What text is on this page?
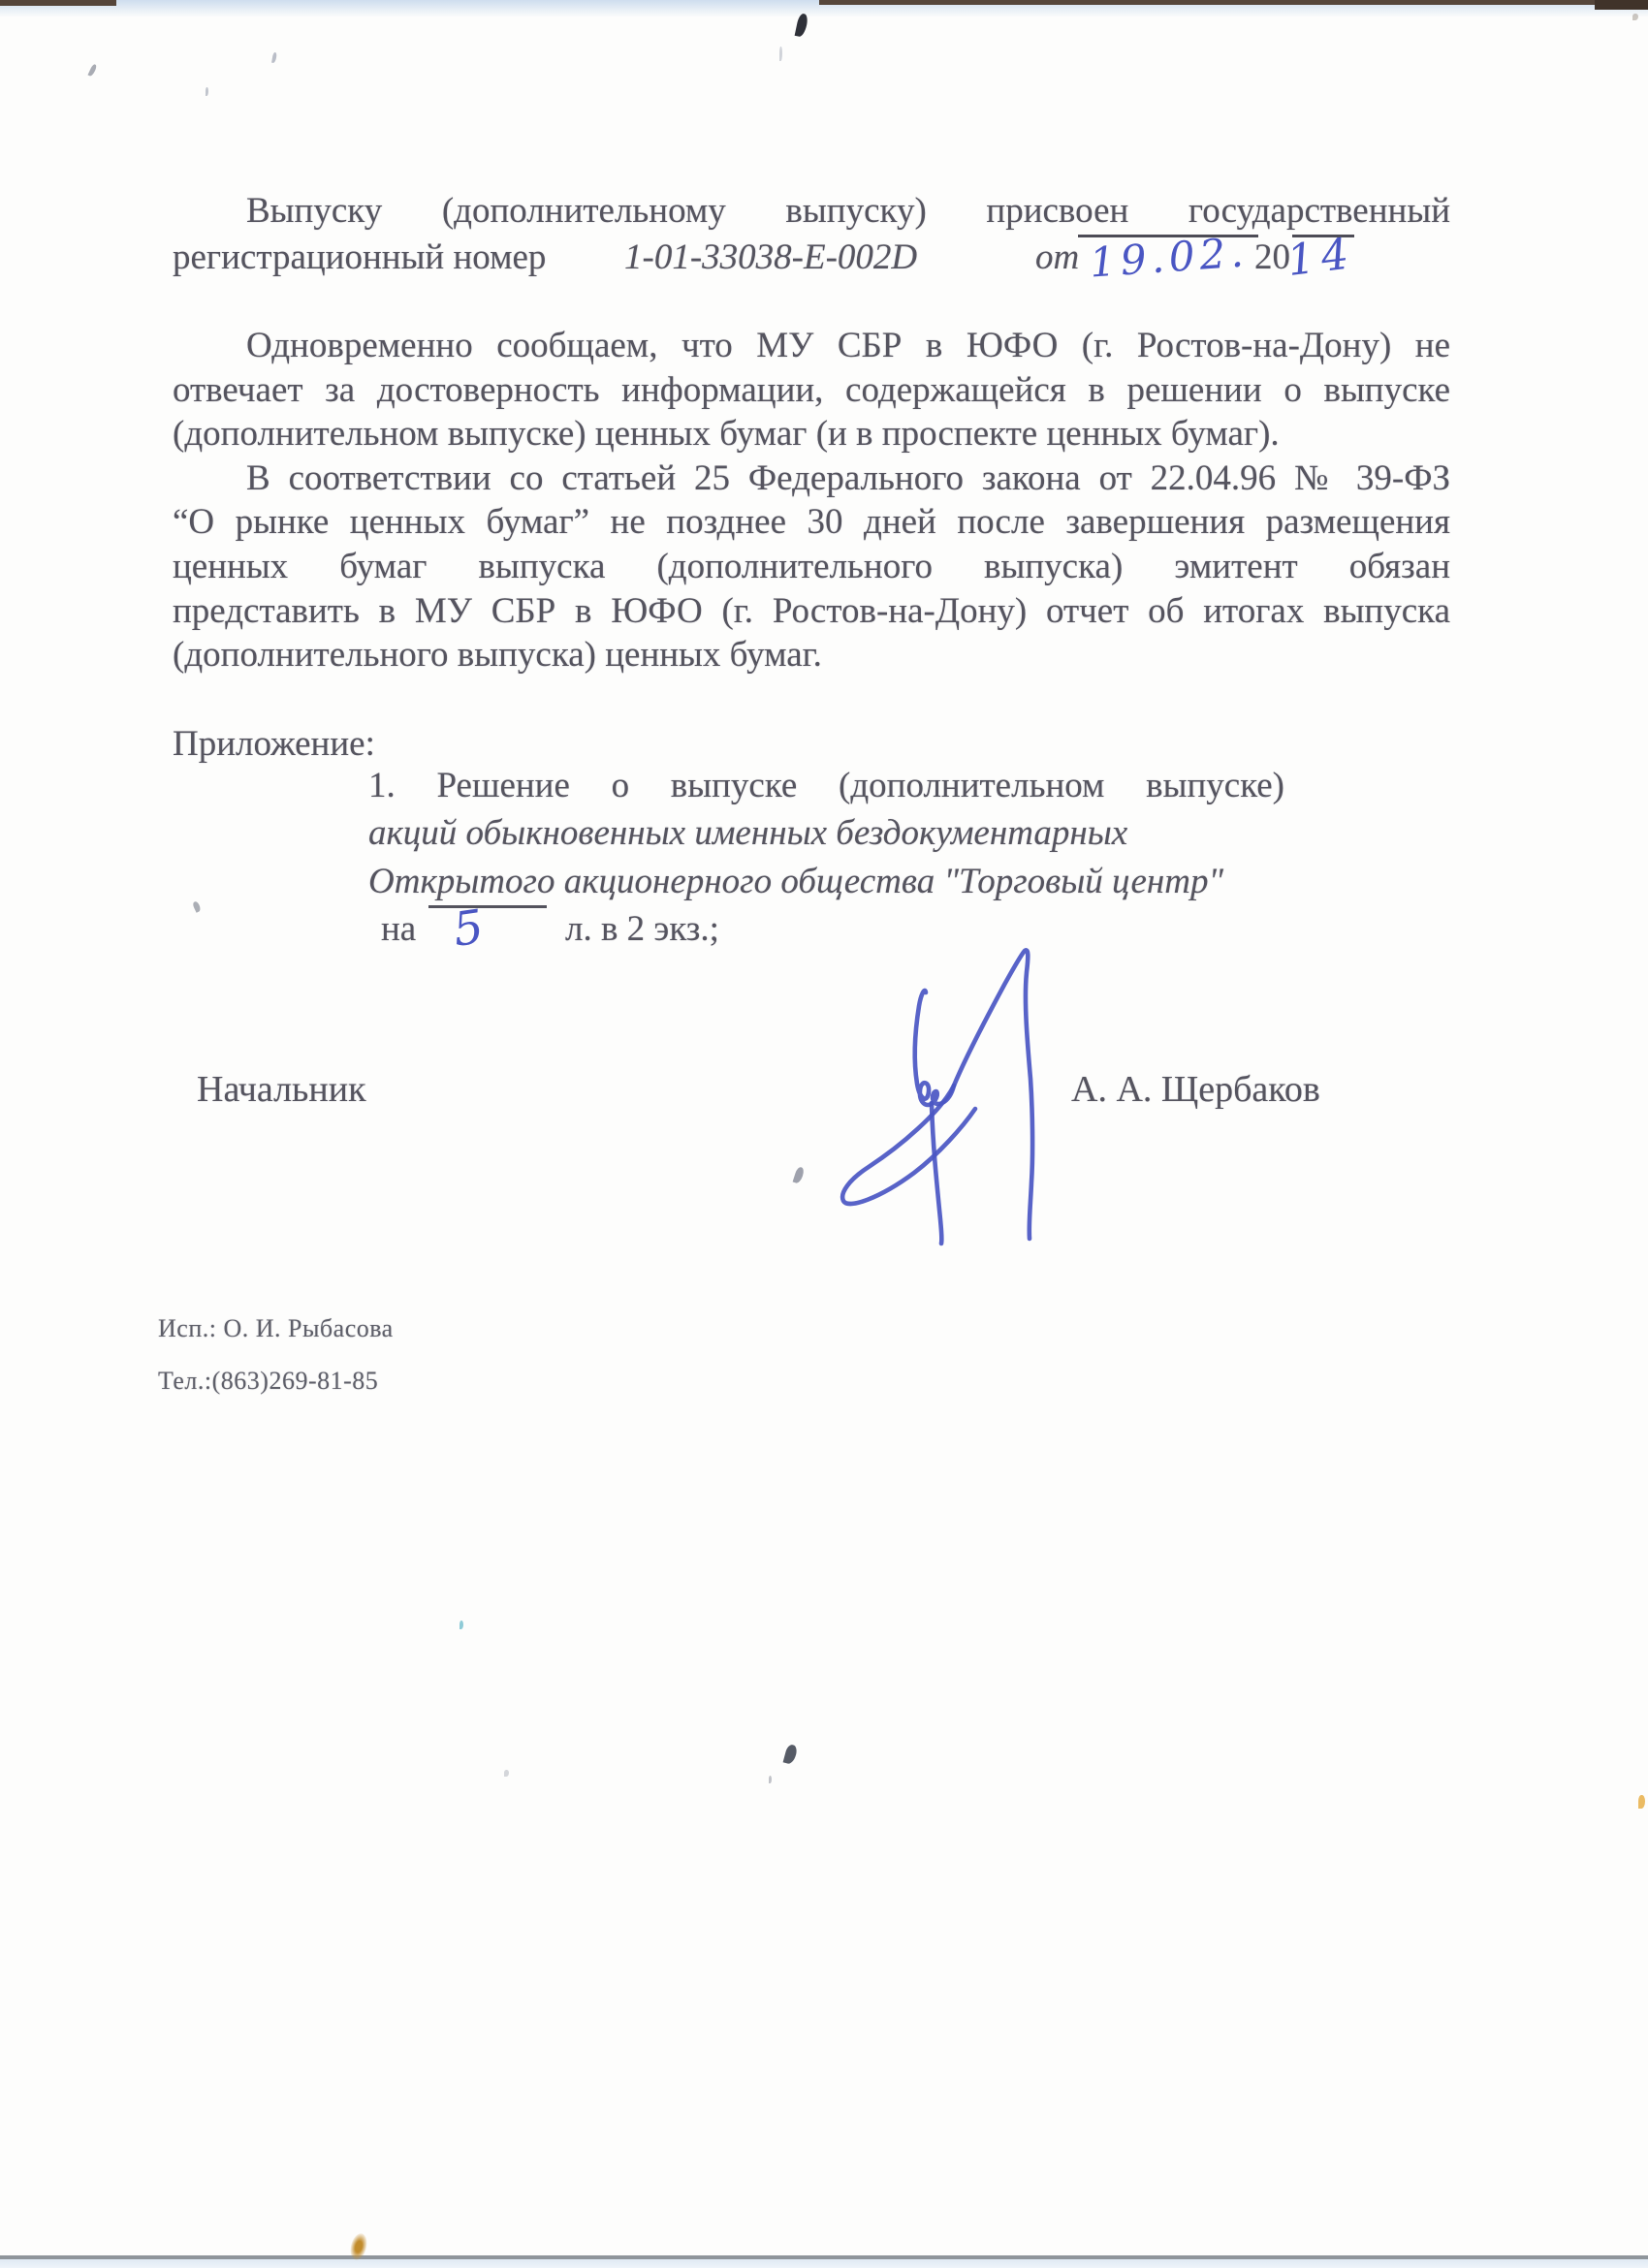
Выпуску (дополнительному выпуску) присвоен государственный
регистрационный номер 1-01-33038-Е-002D	от 19.02. 20
14
Одновременно сообщаем, что МУ СБР в ЮФО (г. Ростов-на-Дону) не
отвечает за достоверность информации, содержащейся в решении о выпуске
(дополнительном выпуске) ценных бумаг (и в проспекте ценных бумаг).
В соответствии со статьей 25 Федерального закона от 22.04.96 № 39-ФЗ
“О рынке ценных бумаг” не позднее 30 дней после завершения размещения
ценных бумаг выпуска (дополнительного выпуска) эмитент обязан
представить в МУ СБР в ЮФО (г. Ростов-на-Дону) отчет об итогах выпуска
(дополнительного выпуска) ценных бумаг.
Приложение:
1. Решение о выпуске (дополнительном выпуске)
акций обыкновенных именных бездокументарных
Открытого акционерного общества "Торговый центр"
на 5 л. в 2 экз.;
Начальник	А. А. Щербаков
Исп.: О. И. Рыбасова
Тел.:(863)269-81-85
